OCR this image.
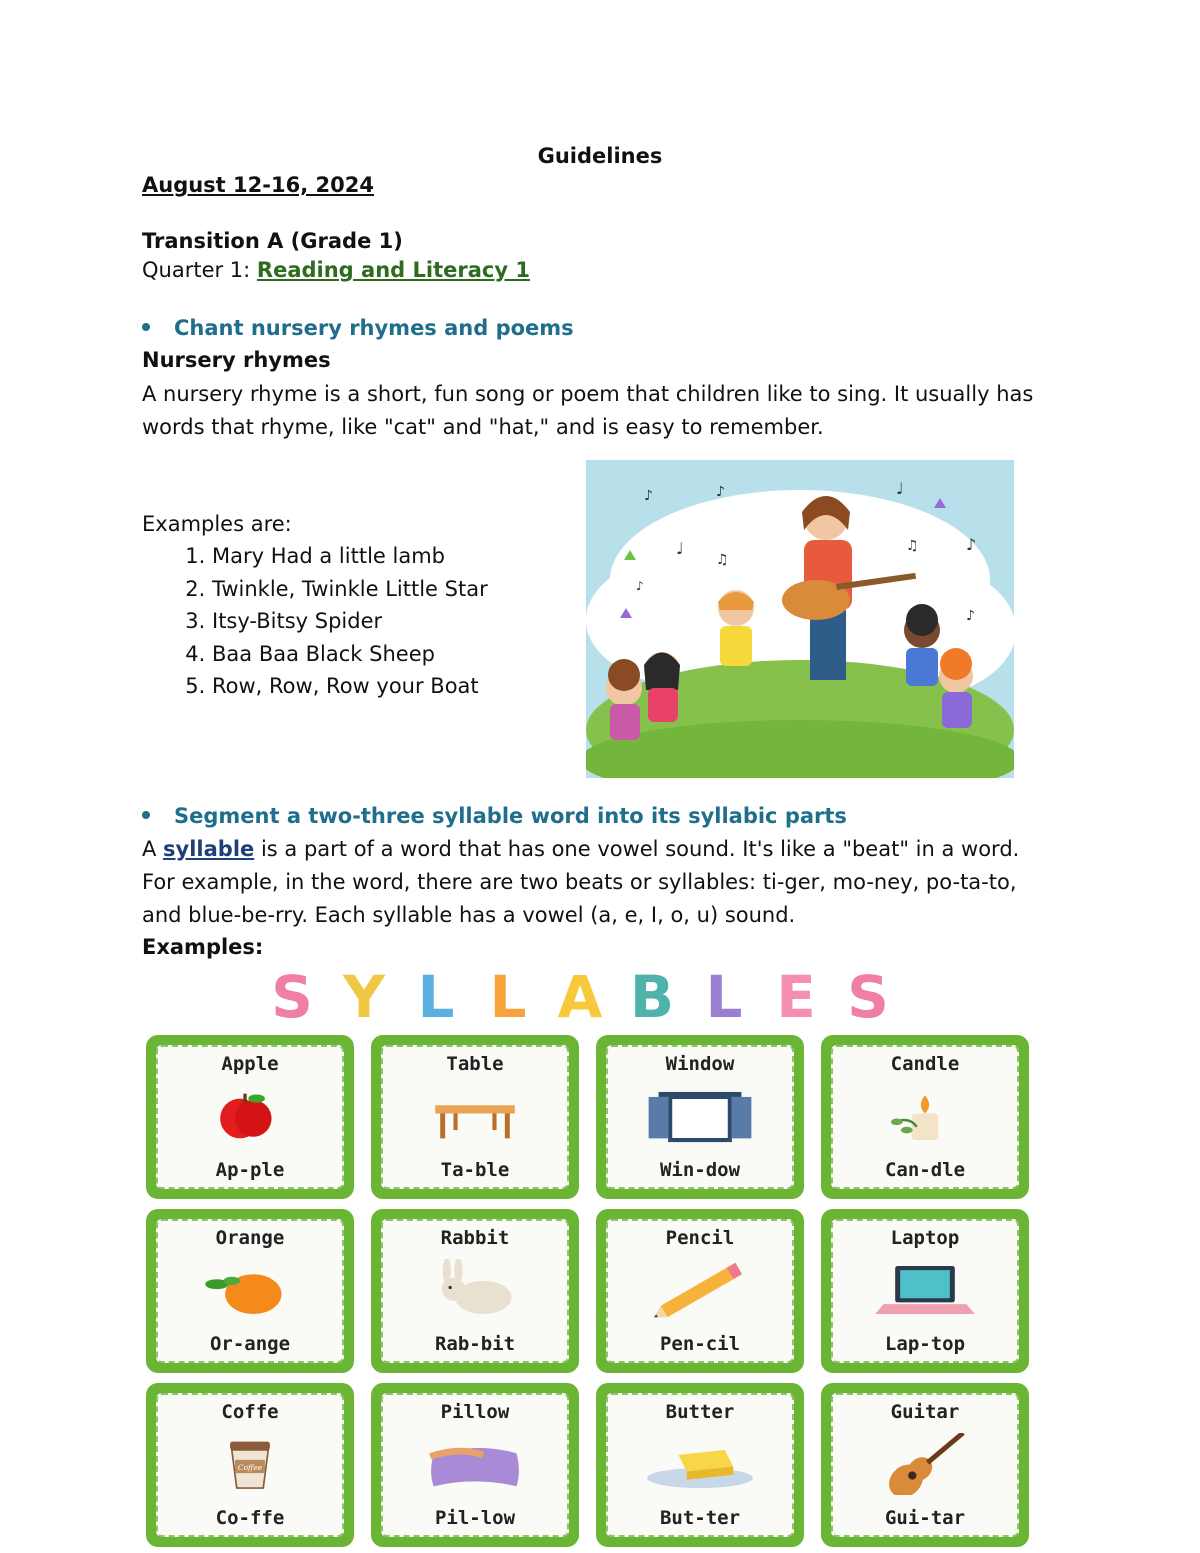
Guidelines
August 12-16, 2024
Transition A (Grade 1)
Quarter 1: Reading and Literacy 1
Chant nursery rhymes and poems
Nursery rhymes
A nursery rhyme is a short, fun song or poem that children like to sing. It usually has words that rhyme, like "cat" and "hat," and is easy to remember.
Examples are:
1. Mary Had a little lamb
2. Twinkle, Twinkle Little Star
3. Itsy-Bitsy Spider
4. Baa Baa Black Sheep
5. Row, Row, Row your Boat
♪	♪	♩
♪
♫
♩
♫
♪
♪
Segment a two-three syllable word into its syllabic parts
A syllable is a part of a word that has one vowel sound. It's like a "beat" in a word. For example, in the word, there are two beats or syllables: ti-ger, mo-ney, po-ta-to, and blue-be-rry. Each syllable has a vowel (a, e, I, o, u) sound.
Examples:
S Y L L A B L E S
Apple
Ap-ple
Table
Ta-ble
Window
Win-dow
Candle
Can-dle
Orange
Or-ange
Rabbit
Rab-bit
Pencil
Pen-cil
Laptop
Lap-top
Coffe
Coffee
Co-ffe
Pillow
Pil-low
Butter
But-ter
Guitar
Gui-tar
